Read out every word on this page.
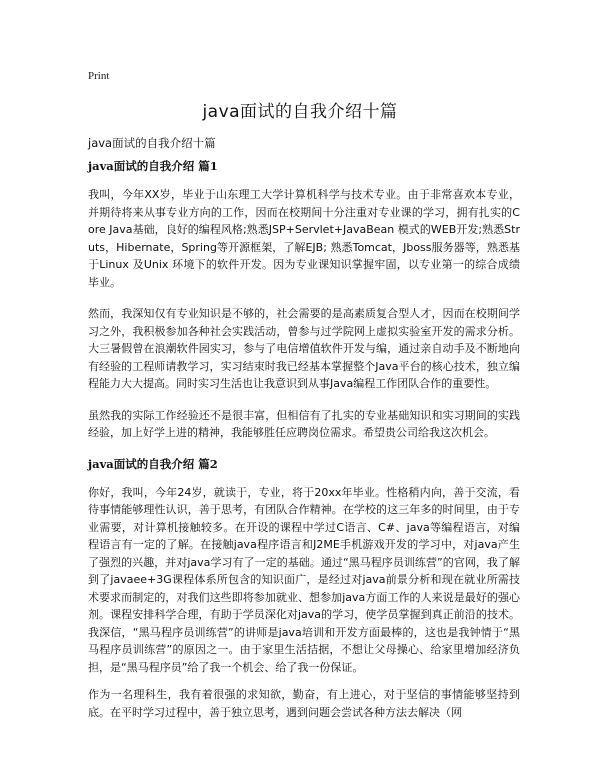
Print
java面试的自我介绍十篇

java面试的自我介绍十篇

java面试的自我介绍 篇1

我叫，今年XX岁，毕业于山东理工大学计算机科学与技术专业。由于非常喜欢本专业，并期待将来从事专业方向的工作，因而在校期间十分注重对专业课的学习，拥有扎实的Core Java基础，良好的编程风格;熟悉JSP+Servlet+JavaBean 模式的WEB开发;熟悉Struts，Hibernate，Spring等开源框架，了解EJB; 熟悉Tomcat，Jboss服务器等，熟悉基于Linux 及Unix 环境下的软件开发。因为专业课知识掌握牢固，以专业第一的综合成绩毕业。

然而，我深知仅有专业知识是不够的，社会需要的是高素质复合型人才，因而在校期间学习之外，我积极参加各种社会实践活动，曾参与过学院网上虚拟实验室开发的需求分析。大三暑假曾在浪潮软件园实习，参与了电信增值软件开发与编，通过亲自动手及不断地向有经验的工程师请教学习，实习结束时我已经基本掌握整个Java平台的核心技术，独立编程能力大大提高。同时实习生活也让我意识到从事Java编程工作团队合作的重要性。

虽然我的实际工作经验还不是很丰富，但相信有了扎实的专业基础知识和实习期间的实践经验，加上好学上进的精神，我能够胜任应聘岗位需求。希望贵公司给我这次机会。

java面试的自我介绍 篇2

你好，我叫，今年24岁，就读于，专业，将于20xx年毕业。性格稍内向，善于交流，看待事情能够理性认识，善于思考，有团队合作精神。在学校的这三年多的时间里，由于专业需要，对计算机接触较多。在开设的课程中学过C语言、C#、java等编程语言，对编程语言有一定的了解。在接触java程序语言和J2ME手机游戏开发的学习中，对java产生了强烈的兴趣，并对java学习有了一定的基础。通过“黑马程序员训练营”的官网，我了解到了javaee+3G课程体系所包含的知识面广，是经过对java前景分析和现在就业所需技术要求而制定的，对我们这些即将参加就业、想参加java方面工作的人来说是最好的强心剂。课程安排科学合理，有助于学员深化对java的学习，使学员掌握到真正前沿的技术。我深信，“黑马程序员训练营”的讲师是java培训和开发方面最棒的，这也是我钟情于“黑马程序员训练营”的原因之一。由于家里生活拮据，不想让父母操心、给家里增加经济负担，是“黑马程序员”给了我一个机会、给了我一份保证。

作为一名理科生，我有着很强的求知欲，勤奋，有上进心，对于坚信的事情能够坚持到底。在平时学习过程中，善于独立思考，遇到问题会尝试各种方法去解决（网
